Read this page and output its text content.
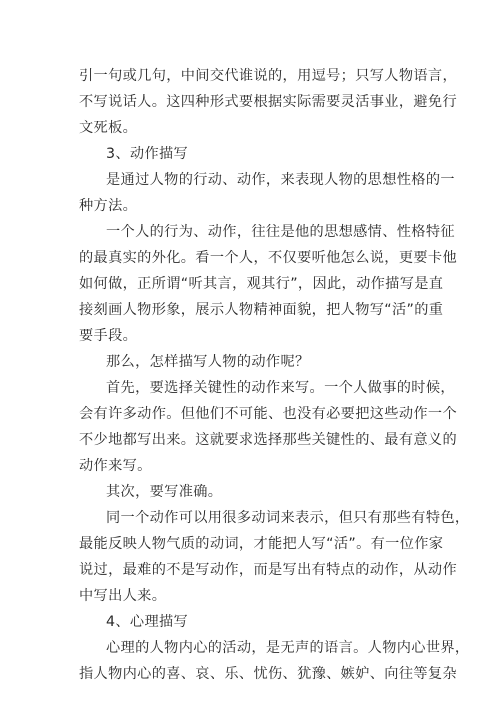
引一句或几句，中间交代谁说的，用逗号；只写人物语言，
不写说话人。这四种形式要根据实际需要灵活事业，避免行
文死板。
3、动作描写
是通过人物的行动、动作，来表现人物的思想性格的一
种方法。
一个人的行为、动作，往往是他的思想感情、性格特征
的最真实的外化。看一个人，不仅要听他怎么说，更要卡他
如何做，正所谓“听其言，观其行”，因此，动作描写是直
接刻画人物形象，展示人物精神面貌，把人物写“活”的重
要手段。
那么，怎样描写人物的动作呢？
首先，要选择关键性的动作来写。一个人做事的时候，
会有许多动作。但他们不可能、也没有必要把这些动作一个
不少地都写出来。这就要求选择那些关键性的、最有意义的
动作来写。
其次，要写准确。
同一个动作可以用很多动词来表示，但只有那些有特色，
最能反映人物气质的动词，才能把人写“活”。有一位作家
说过，最难的不是写动作，而是写出有特点的动作，从动作
中写出人来。
4、心理描写
心理的人物内心的活动，是无声的语言。人物内心世界，
指人物内心的喜、哀、乐、忧伤、犹豫、嫉妒、向往等复杂
